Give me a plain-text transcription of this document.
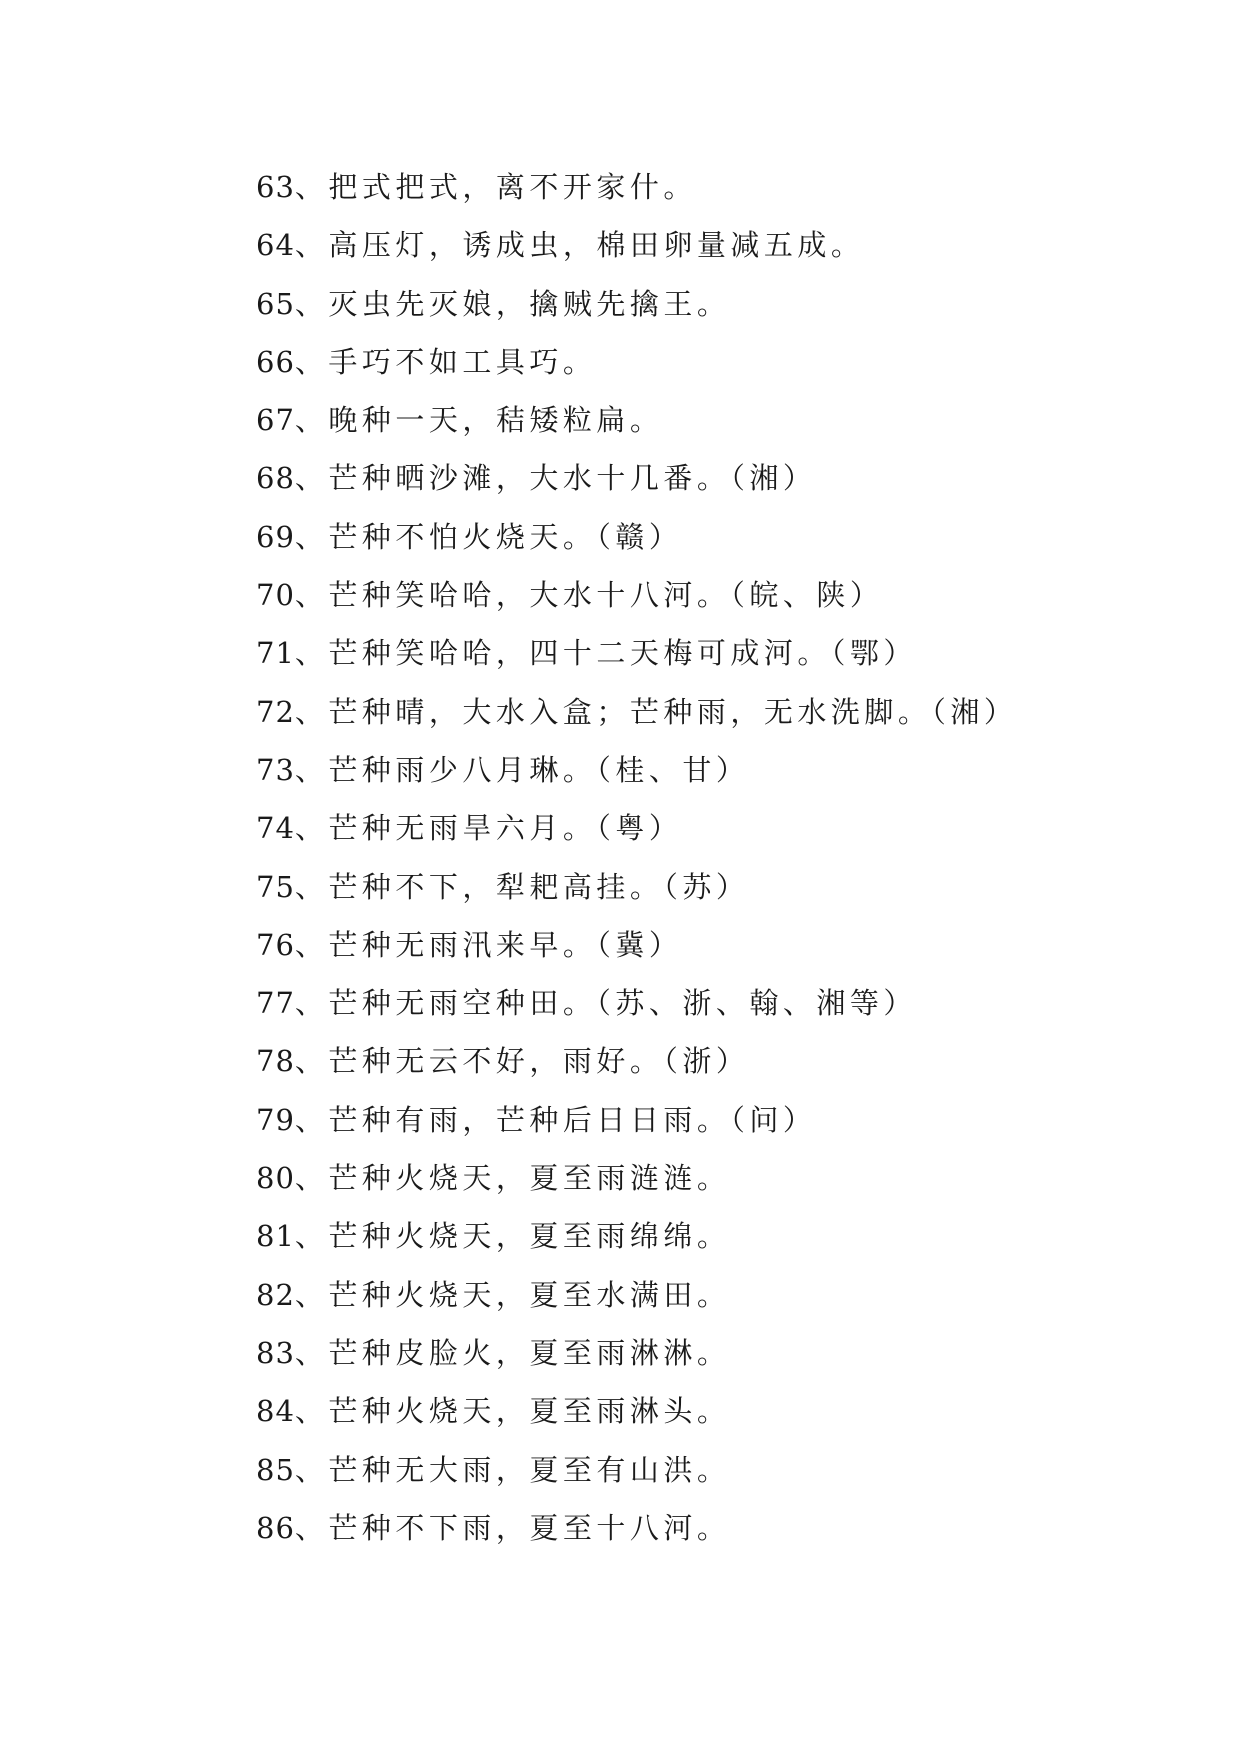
63、把式把式，离不开家什。
64、高压灯，诱成虫，棉田卵量减五成。
65、灭虫先灭娘，擒贼先擒王。
66、手巧不如工具巧。
67、晚种一天，秸矮粒扁。
68、芒种晒沙滩，大水十几番。（湘）
69、芒种不怕火烧天。（赣）
70、芒种笑哈哈，大水十八河。（皖、陕）
71、芒种笑哈哈，四十二天梅可成河。（鄂）
72、芒种晴，大水入盒；芒种雨，无水洗脚。（湘）
73、芒种雨少八月琳。（桂、甘）
74、芒种无雨旱六月。（粤）
75、芒种不下，犁耙高挂。（苏）
76、芒种无雨汛来早。（冀）
77、芒种无雨空种田。（苏、浙、翰、湘等）
78、芒种无云不好，雨好。（浙）
79、芒种有雨，芒种后日日雨。（问）
80、芒种火烧天，夏至雨涟涟。
81、芒种火烧天，夏至雨绵绵。
82、芒种火烧天，夏至水满田。
83、芒种皮脸火，夏至雨淋淋。
84、芒种火烧天，夏至雨淋头。
85、芒种无大雨，夏至有山洪。
86、芒种不下雨，夏至十八河。
